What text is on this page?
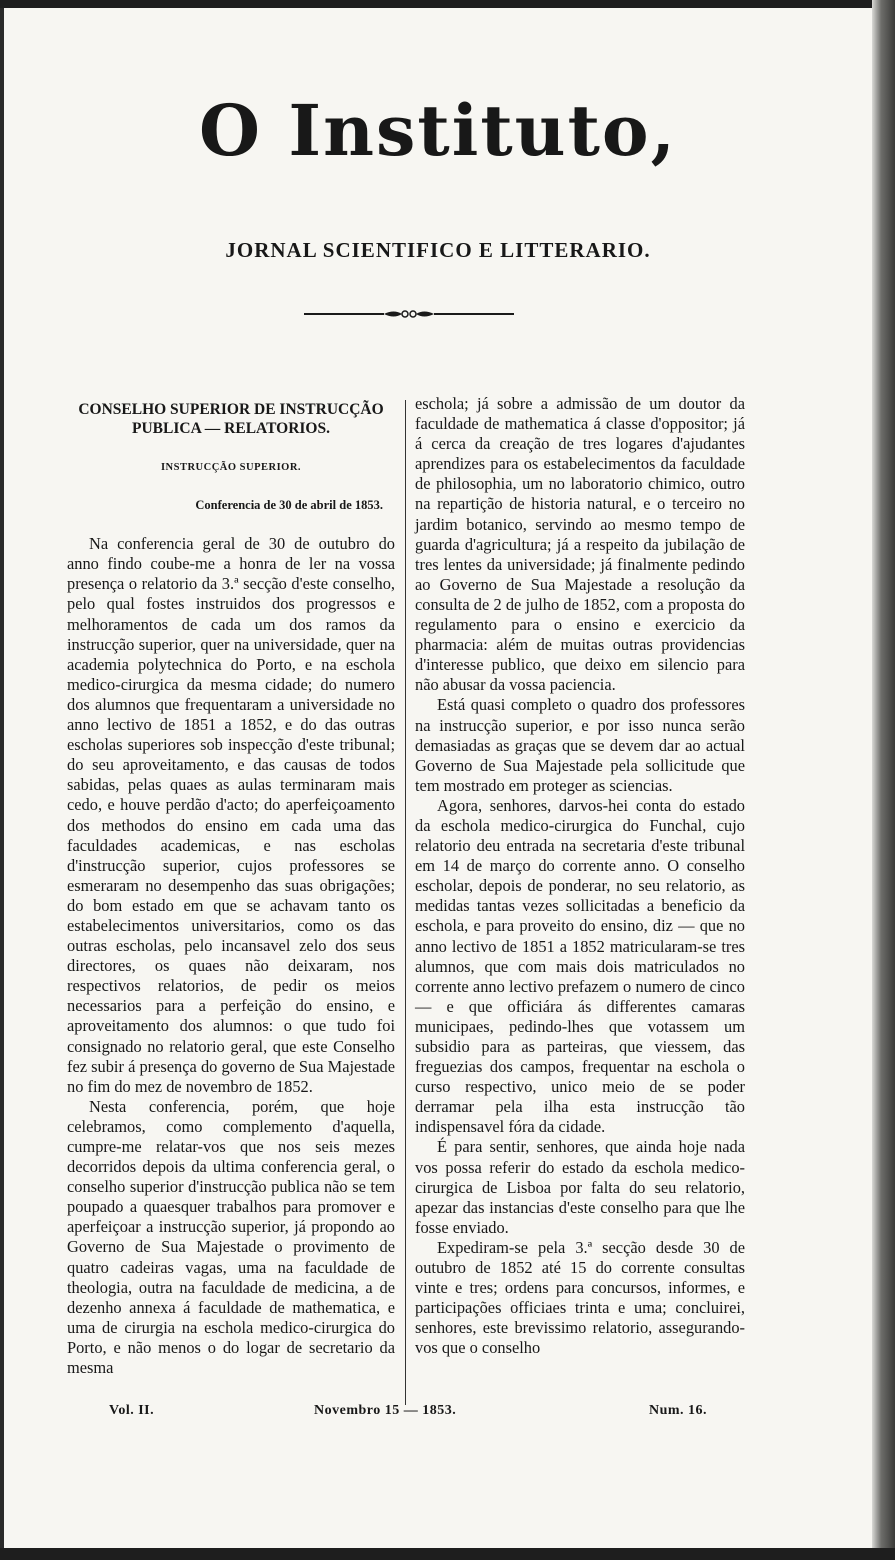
O Instituto,
JORNAL SCIENTIFICO E LITTERARIO.
CONSELHO SUPERIOR DE INSTRUCÇÃO PUBLICA — RELATORIOS.
INSTRUCÇÃO SUPERIOR.
Conferencia de 30 de abril de 1853.

Na conferencia geral de 30 de outubro do anno findo coube-me a honra de ler na vossa presença o relatorio da 3.ª secção d'este conselho, pelo qual fostes instruidos dos progressos e melhoramentos de cada um dos ramos da instrucção superior, quer na universidade, quer na academia polytechnica do Porto, e na escholа medico-cirurgica da mesma cidade; do numero dos alumnos que frequentaram a universidade no anno lectivo de 1851 a 1852, e do das outras escholas superiores sob inspecção d'este tribunal; do seu aproveitamento, e das causas de todos sabidas, pelas quaes as aulas terminaram mais cedo, e houve perdão d'acto; do aperfeiçoamento dos methodos do ensino em cada uma das faculdades academicas, e nas escholas d'instrucção superior, cujos professores se esmeraram no desempenho das suas obrigações; do bom estado em que se achavam tanto os estabelecimentos universitarios, como os das outras escholas, pelo incansavel zelo dos seus directores, os quaes não deixaram, nos respectivos relatorios, de pedir os meios necessarios para a perfeição do ensino, e aproveitamento dos alumnos: o que tudo foi consignado no relatorio geral, que este Conselho fez subir á presença do governo de Sua Majestade no fim do mez de novembro de 1852.

Nesta conferencia, porém, que hoje celebramos, como complemento d'aquella, cumpre-me relatar-vos que nos seis mezes decorridos depois da ultima conferencia geral, o conselho superior d'instrucção publica não se tem poupado a quaesquer trabalhos para promover e aperfeiçoar a instrucção superior, já propondo ao Governo de Sua Majestade o provimento de quatro cadeiras vagas, uma na faculdade de theologia, outra na faculdade de medicina, a de dezenho annexa á faculdade de mathematica, e uma de cirurgia na eschola medico-cirurgica do Porto, e não menos o do logar de secretario da mesma

eschola; já sobre a admissão de um doutor da faculdade de mathematica á classe d'oppositor; já á cerca da creação de tres logares d'ajudantes aprendizes para os estabelecimentos da faculdade de philosophia, um no laboratorio chimico, outro na repartição de historia natural, e o terceiro no jardim botanico, servindo ao mesmo tempo de guarda d'agricultura; já a respeito da jubilação de tres lentes da universidade; já finalmente pedindo ao Governo de Sua Majestade a resolução da consulta de 2 de julho de 1852, com a proposta do regulamento para o ensino e exercicio da pharmacia: além de muitas outras providencias d'interesse publico, que deixo em silencio para não abusar da vossa paciencia.

Está quasi completo o quadro dos professores na instrucção superior, e por isso nunca serão demasiadas as graças que se devem dar ao actual Governo de Sua Majestade pela sollicitude que tem mostrado em proteger as sciencias.

Agora, senhores, darvos-hei conta do estado da eschola medico-cirurgica do Funchal, cujo relatorio deu entrada na secretaria d'este tribunal em 14 de março do corrente anno. O conselho escholar, depois de ponderar, no seu relatorio, as medidas tantas vezes sollicitadas a beneficio da eschola, e para proveito do ensino, diz — que no anno lectivo de 1851 a 1852 matricularam-se tres alumnos, que com mais dois matriculados no corrente anno lectivo prefazem o numero de cinco — e que officiára ás differentes camaras municipaes, pedindo-lhes que votassem um subsidio para as parteiras, que viessem, das freguezias dos campos, frequentar na eschola o curso respectivo, unico meio de se poder derramar pela ilha esta instrucção tão indispensavel fóra da cidade.

É para sentir, senhores, que ainda hoje nada vos possa referir do estado da eschola medico-cirurgica de Lisboa por falta do seu relatorio, apezar das instancias d'este conselho para que lhe fosse enviado.

Expediram-se pela 3.ª secção desde 30 de outubro de 1852 até 15 do corrente consultas vinte e tres; ordens para concursos, informes, e participações officiaes trinta e uma; concluirei, senhores, este brevissimo relatorio, assegurando-vos que o conselho

Vol. II.	Novembro 15 — 1853.	Num. 16.
